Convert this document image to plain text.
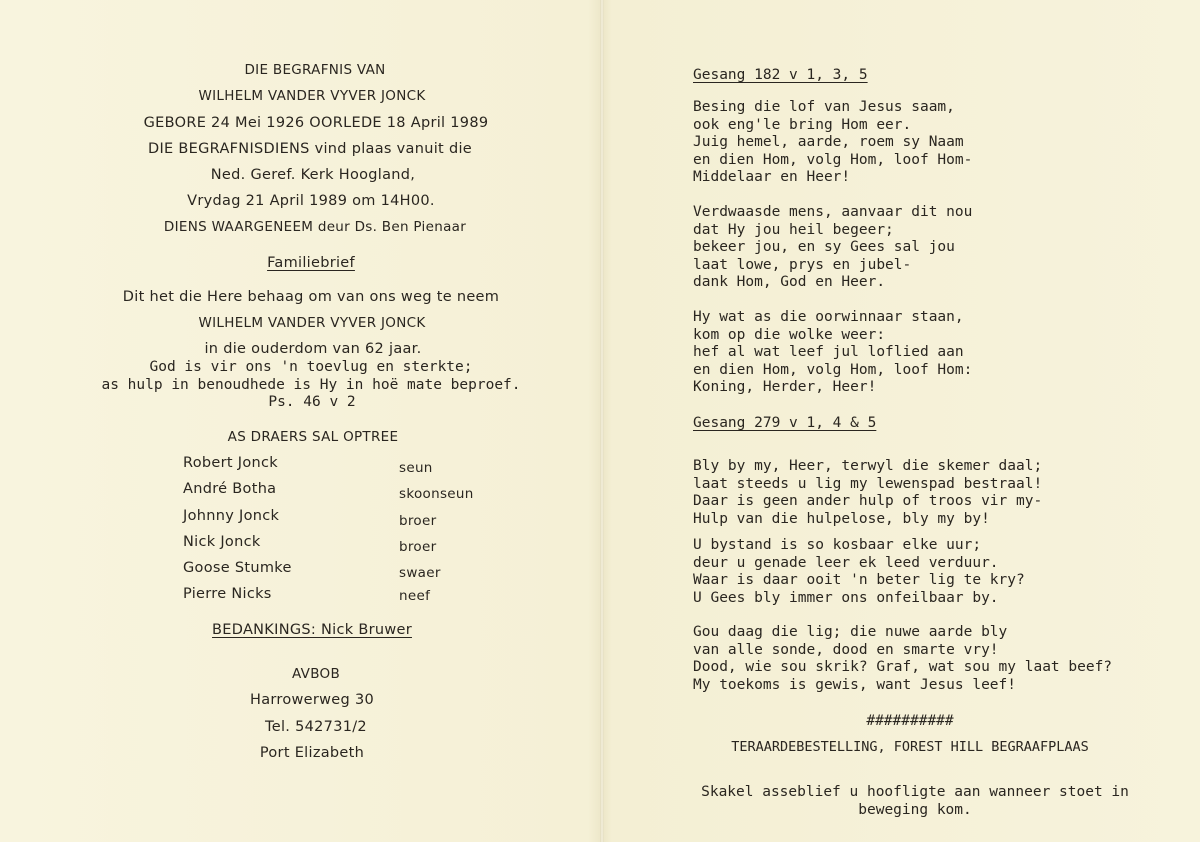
DIE BEGRAFNIS VAN
WILHELM VANDER VYVER JONCK
GEBORE 24 Mei 1926 OORLEDE 18 April 1989
DIE BEGRAFNISDIENS vind plaas vanuit die
Ned. Geref. Kerk Hoogland,
Vrydag 21 April 1989 om 14H00.
DIENS WAARGENEEM deur Ds. Ben Pienaar
Familiebrief
Dit het die Here behaag om van ons weg te neem
WILHELM VANDER VYVER JONCK
in die ouderdom van 62 jaar.
God is vir ons 'n toevlug en sterkte;
as hulp in benoudhede is Hy in hoë mate beproef.
Ps. 46 v 2
AS DRAERS SAL OPTREE
Robert Jonck	seun
André Botha	skoonseun
Johnny Jonck	broer
Nick Jonck	broer
Goose Stumke	swaer
Pierre Nicks	neef
BEDANKINGS: Nick Bruwer
AVBOB
Harrowerweg 30
Tel. 542731/2
Port Elizabeth
Gesang 182 v 1, 3, 5
Besing die lof van Jesus saam,
ook eng'le bring Hom eer.
Juig hemel, aarde, roem sy Naam
en dien Hom, volg Hom, loof Hom-
Middelaar en Heer!
Verdwaasde mens, aanvaar dit nou
dat Hy jou heil begeer;
bekeer jou, en sy Gees sal jou
laat lowe, prys en jubel-
dank Hom, God en Heer.
Hy wat as die oorwinnaar staan,
kom op die wolke weer:
hef al wat leef jul loflied aan
en dien Hom, volg Hom, loof Hom:
Koning, Herder, Heer!
Gesang 279 v 1, 4 & 5
Bly by my, Heer, terwyl die skemer daal;
laat steeds u lig my lewenspad bestraal!
Daar is geen ander hulp of troos vir my-
Hulp van die hulpelose, bly my by!
U bystand is so kosbaar elke uur;
deur u genade leer ek leed verduur.
Waar is daar ooit 'n beter lig te kry?
U Gees bly immer ons onfeilbaar by.
Gou daag die lig; die nuwe aarde bly
van alle sonde, dood en smarte vry!
Dood, wie sou skrik? Graf, wat sou my laat beef?
My toekoms is gewis, want Jesus leef!
##########
TERAARDEBESTELLING, FOREST HILL BEGRAAFPLAAS
Skakel asseblief u hoofligte aan wanneer stoet in
beweging kom.
